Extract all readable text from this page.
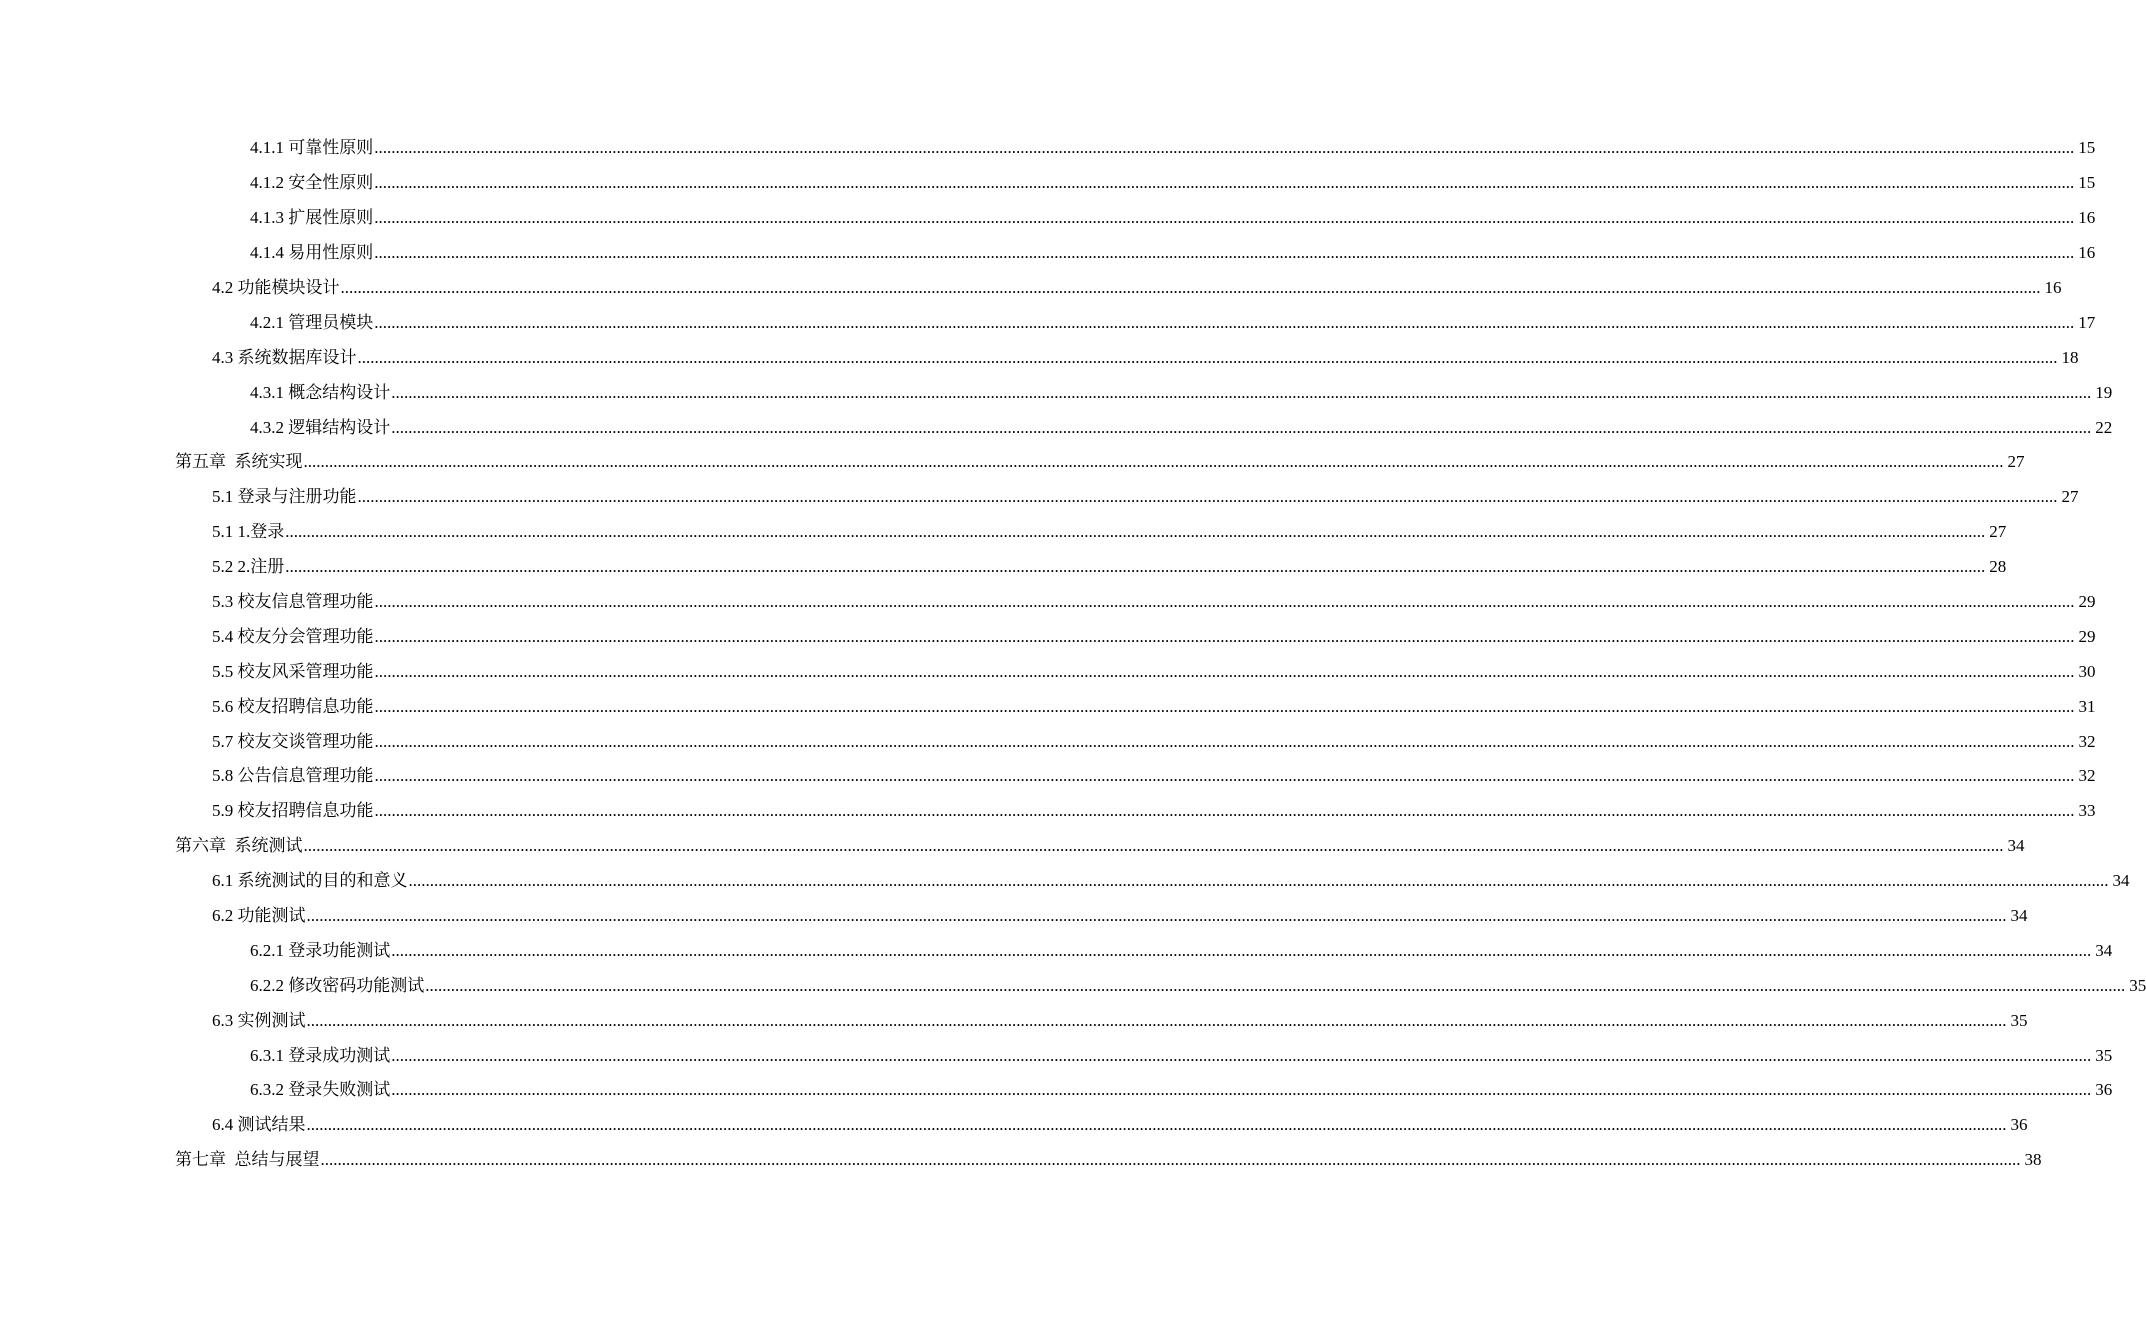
4.1.1 可靠性原则 ................................................................................................................................................................................................................................................................................................................................................................................................................ 15
4.1.2 安全性原则 ................................................................................................................................................................................................................................................................................................................................................................................................................ 15
4.1.3 扩展性原则 ................................................................................................................................................................................................................................................................................................................................................................................................................ 16
4.1.4 易用性原则 ................................................................................................................................................................................................................................................................................................................................................................................................................ 16
4.2 功能模块设计 ................................................................................................................................................................................................................................................................................................................................................................................................................ 16
4.2.1 管理员模块 ................................................................................................................................................................................................................................................................................................................................................................................................................ 17
4.3 系统数据库设计 ................................................................................................................................................................................................................................................................................................................................................................................................................ 18
4.3.1 概念结构设计 ................................................................................................................................................................................................................................................................................................................................................................................................................ 19
4.3.2 逻辑结构设计 ................................................................................................................................................................................................................................................................................................................................................................................................................ 22
第五章  系统实现 ................................................................................................................................................................................................................................................................................................................................................................................................................ 27
5.1 登录与注册功能 ................................................................................................................................................................................................................................................................................................................................................................................................................ 27
5.1 1.登录 ................................................................................................................................................................................................................................................................................................................................................................................................................ 27
5.2 2.注册 ................................................................................................................................................................................................................................................................................................................................................................................................................ 28
5.3 校友信息管理功能 ................................................................................................................................................................................................................................................................................................................................................................................................................ 29
5.4 校友分会管理功能 ................................................................................................................................................................................................................................................................................................................................................................................................................ 29
5.5 校友风采管理功能 ................................................................................................................................................................................................................................................................................................................................................................................................................ 30
5.6 校友招聘信息功能 ................................................................................................................................................................................................................................................................................................................................................................................................................ 31
5.7 校友交谈管理功能 ................................................................................................................................................................................................................................................................................................................................................................................................................ 32
5.8 公告信息管理功能 ................................................................................................................................................................................................................................................................................................................................................................................................................ 32
5.9 校友招聘信息功能 ................................................................................................................................................................................................................................................................................................................................................................................................................ 33
第六章  系统测试 ................................................................................................................................................................................................................................................................................................................................................................................................................ 34
6.1 系统测试的目的和意义 ................................................................................................................................................................................................................................................................................................................................................................................................................ 34
6.2 功能测试 ................................................................................................................................................................................................................................................................................................................................................................................................................ 34
6.2.1 登录功能测试 ................................................................................................................................................................................................................................................................................................................................................................................................................ 34
6.2.2 修改密码功能测试 ................................................................................................................................................................................................................................................................................................................................................................................................................ 35
6.3 实例测试 ................................................................................................................................................................................................................................................................................................................................................................................................................ 35
6.3.1 登录成功测试 ................................................................................................................................................................................................................................................................................................................................................................................................................ 35
6.3.2 登录失败测试 ................................................................................................................................................................................................................................................................................................................................................................................................................ 36
6.4 测试结果 ................................................................................................................................................................................................................................................................................................................................................................................................................ 36
第七章  总结与展望 ................................................................................................................................................................................................................................................................................................................................................................................................................ 38
